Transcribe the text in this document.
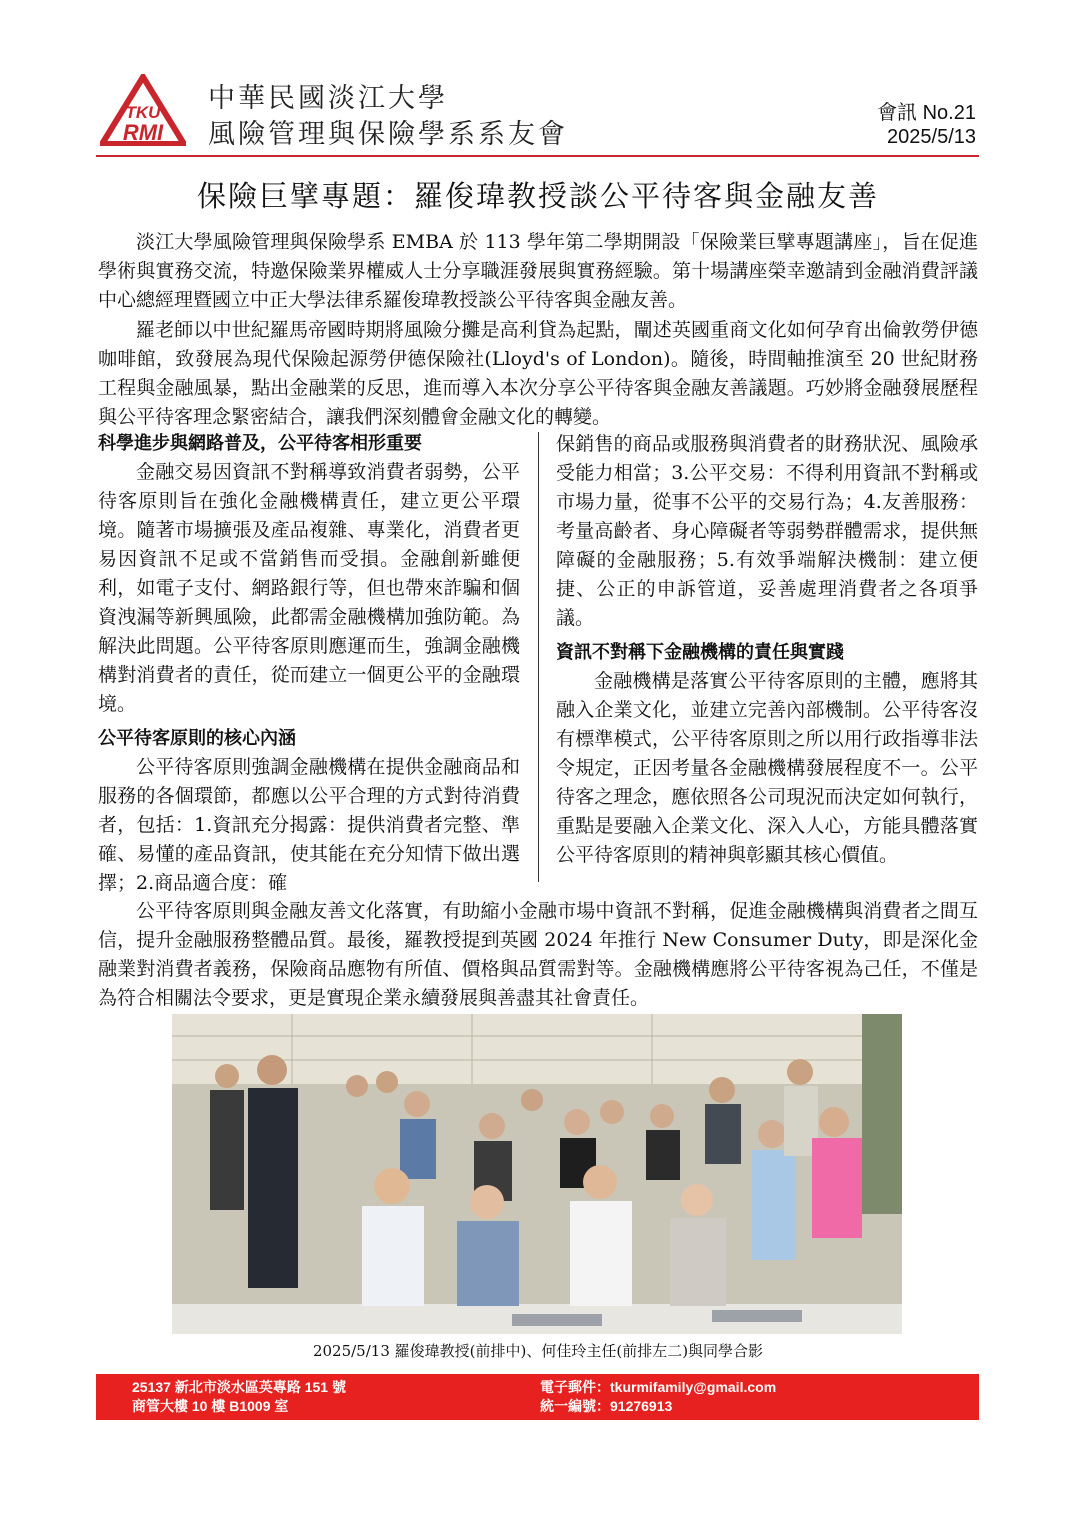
TKU
RMI
中華民國淡江大學
風險管理與保險學系系友會
會訊 No.21
2025/5/13
保險巨擘專題：羅俊瑋教授談公平待客與金融友善
淡江大學風險管理與保險學系 EMBA 於 113 學年第二學期開設「保險業巨擘專題講座」，旨在促進學術與實務交流，特邀保險業界權威人士分享職涯發展與實務經驗。第十場講座榮幸邀請到金融消費評議中心總經理暨國立中正大學法律系羅俊瑋教授談公平待客與金融友善。
羅老師以中世紀羅馬帝國時期將風險分攤是高利貸為起點，闡述英國重商文化如何孕育出倫敦勞伊德咖啡館，致發展為現代保險起源勞伊德保險社(Lloyd's of London)。隨後，時間軸推演至 20 世紀財務工程與金融風暴，點出金融業的反思，進而導入本次分享公平待客與金融友善議題。巧妙將金融發展歷程與公平待客理念緊密結合，讓我們深刻體會金融文化的轉變。
科學進步與網路普及，公平待客相形重要

金融交易因資訊不對稱導致消費者弱勢，公平待客原則旨在強化金融機構責任，建立更公平環境。隨著市場擴張及產品複雜、專業化，消費者更易因資訊不足或不當銷售而受損。金融創新雖便利，如電子支付、網路銀行等，但也帶來詐騙和個資洩漏等新興風險，此都需金融機構加強防範。為解決此問題。公平待客原則應運而生，強調金融機構對消費者的責任，從而建立一個更公平的金融環境。

公平待客原則的核心內涵

公平待客原則強調金融機構在提供金融商品和服務的各個環節，都應以公平合理的方式對待消費者，包括：1.資訊充分揭露：提供消費者完整、準確、易懂的產品資訊，使其能在充分知情下做出選擇；2.商品適合度：確

保銷售的商品或服務與消費者的財務狀況、風險承受能力相當；3.公平交易：不得利用資訊不對稱或市場力量，從事不公平的交易行為；4.友善服務：考量高齡者、身心障礙者等弱勢群體需求，提供無障礙的金融服務；5.有效爭端解決機制：建立便捷、公正的申訴管道，妥善處理消費者之各項爭議。

資訊不對稱下金融機構的責任與實踐

金融機構是落實公平待客原則的主體，應將其融入企業文化，並建立完善內部機制。公平待客沒有標準模式，公平待客原則之所以用行政指導非法令規定，正因考量各金融機構發展程度不一。公平待客之理念，應依照各公司現況而決定如何執行，重點是要融入企業文化、深入人心，方能具體落實公平待客原則的精神與彰顯其核心價值。

公平待客原則與金融友善文化落實，有助縮小金融市場中資訊不對稱，促進金融機構與消費者之間互信，提升金融服務整體品質。最後，羅教授提到英國 2024 年推行 New Consumer Duty，即是深化金融業對消費者義務，保險商品應物有所值、價格與品質需對等。金融機構應將公平待客視為己任，不僅是為符合相關法令要求，更是實現企業永續發展與善盡其社會責任。
2025/5/13 羅俊瑋教授(前排中)、何佳玲主任(前排左二)與同學合影
25137 新北市淡水區英專路 151 號
商管大樓 10 樓 B1009 室
電子郵件：tkurmifamily@gmail.com
統一編號：91276913
